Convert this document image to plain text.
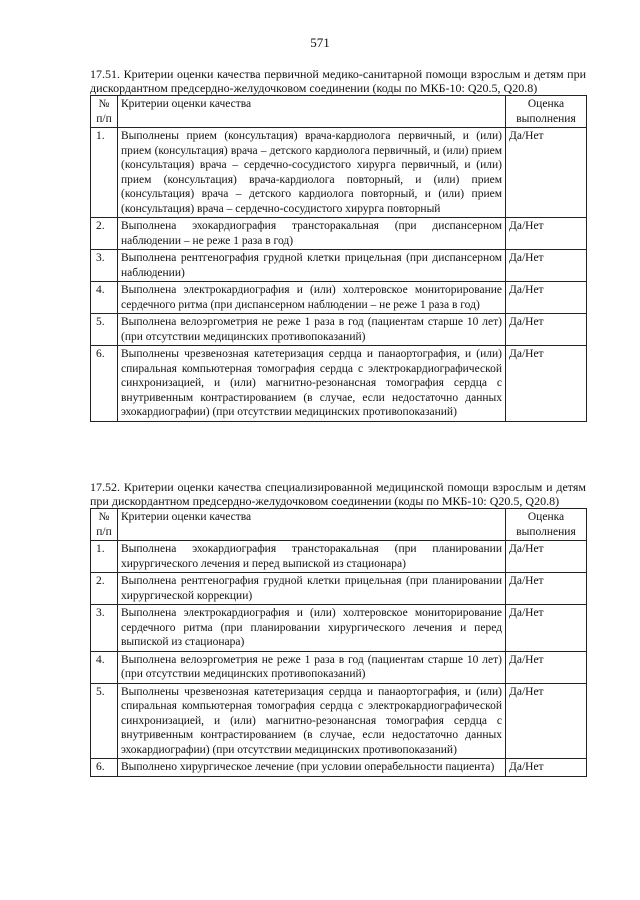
571
17.51. Критерии оценки качества первичной медико-санитарной помощи взрослым и детям при дискордантном предсердно-желудочковом соединении (коды по МКБ-10: Q20.5, Q20.8)
№ п/п	Критерии оценки качества	Оценка выполнения
1.	Выполнены прием (консультация) врача-кардиолога первичный, и (или) прием (консультация) врача – детского кардиолога первичный, и (или) прием (консультация) врача – сердечно-сосудистого хирурга первичный, и (или) прием (консультация) врача-кардиолога повторный, и (или) прием (консультация) врача – детского кардиолога повторный, и (или) прием (консультация) врача – сердечно-сосудистого хирурга повторный	Да/Нет
2.	Выполнена эхокардиография трансторакальная (при диспансерном наблюдении – не реже 1 раза в год)	Да/Нет
3.	Выполнена рентгенография грудной клетки прицельная (при диспансерном наблюдении)	Да/Нет
4.	Выполнена электрокардиография и (или) холтеровское мониторирование сердечного ритма (при диспансерном наблюдении – не реже 1 раза в год)	Да/Нет
5.	Выполнена велоэргометрия не реже 1 раза в год (пациентам старше 10 лет) (при отсутствии медицинских противопоказаний)	Да/Нет
6.	Выполнены чрезвенозная катетеризация сердца и панаортография, и (или) спиральная компьютерная томография сердца с электрокардиографической синхронизацией, и (или) магнитно-резонансная томография сердца с внутривенным контрастированием (в случае, если недостаточно данных эхокардиографии) (при отсутствии медицинских противопоказаний)	Да/Нет
17.52. Критерии оценки качества специализированной медицинской помощи взрослым и детям при дискордантном предсердно-желудочковом соединении (коды по МКБ-10: Q20.5, Q20.8)
№ п/п	Критерии оценки качества	Оценка выполнения
1.	Выполнена эхокардиография трансторакальная (при планировании хирургического лечения и перед выпиской из стационара)	Да/Нет
2.	Выполнена рентгенография грудной клетки прицельная (при планировании хирургической коррекции)	Да/Нет
3.	Выполнена электрокардиография и (или) холтеровское мониторирование сердечного ритма (при планировании хирургического лечения и перед выпиской из стационара)	Да/Нет
4.	Выполнена велоэргометрия не реже 1 раза в год (пациентам старше 10 лет) (при отсутствии медицинских противопоказаний)	Да/Нет
5.	Выполнены чрезвенозная катетеризация сердца и панаортография, и (или) спиральная компьютерная томография сердца с электрокардиографической синхронизацией, и (или) магнитно-резонансная томография сердца с внутривенным контрастированием (в случае, если недостаточно данных эхокардиографии) (при отсутствии медицинских противопоказаний)	Да/Нет
6.	Выполнено хирургическое лечение (при условии операбельности пациента)	Да/Нет
